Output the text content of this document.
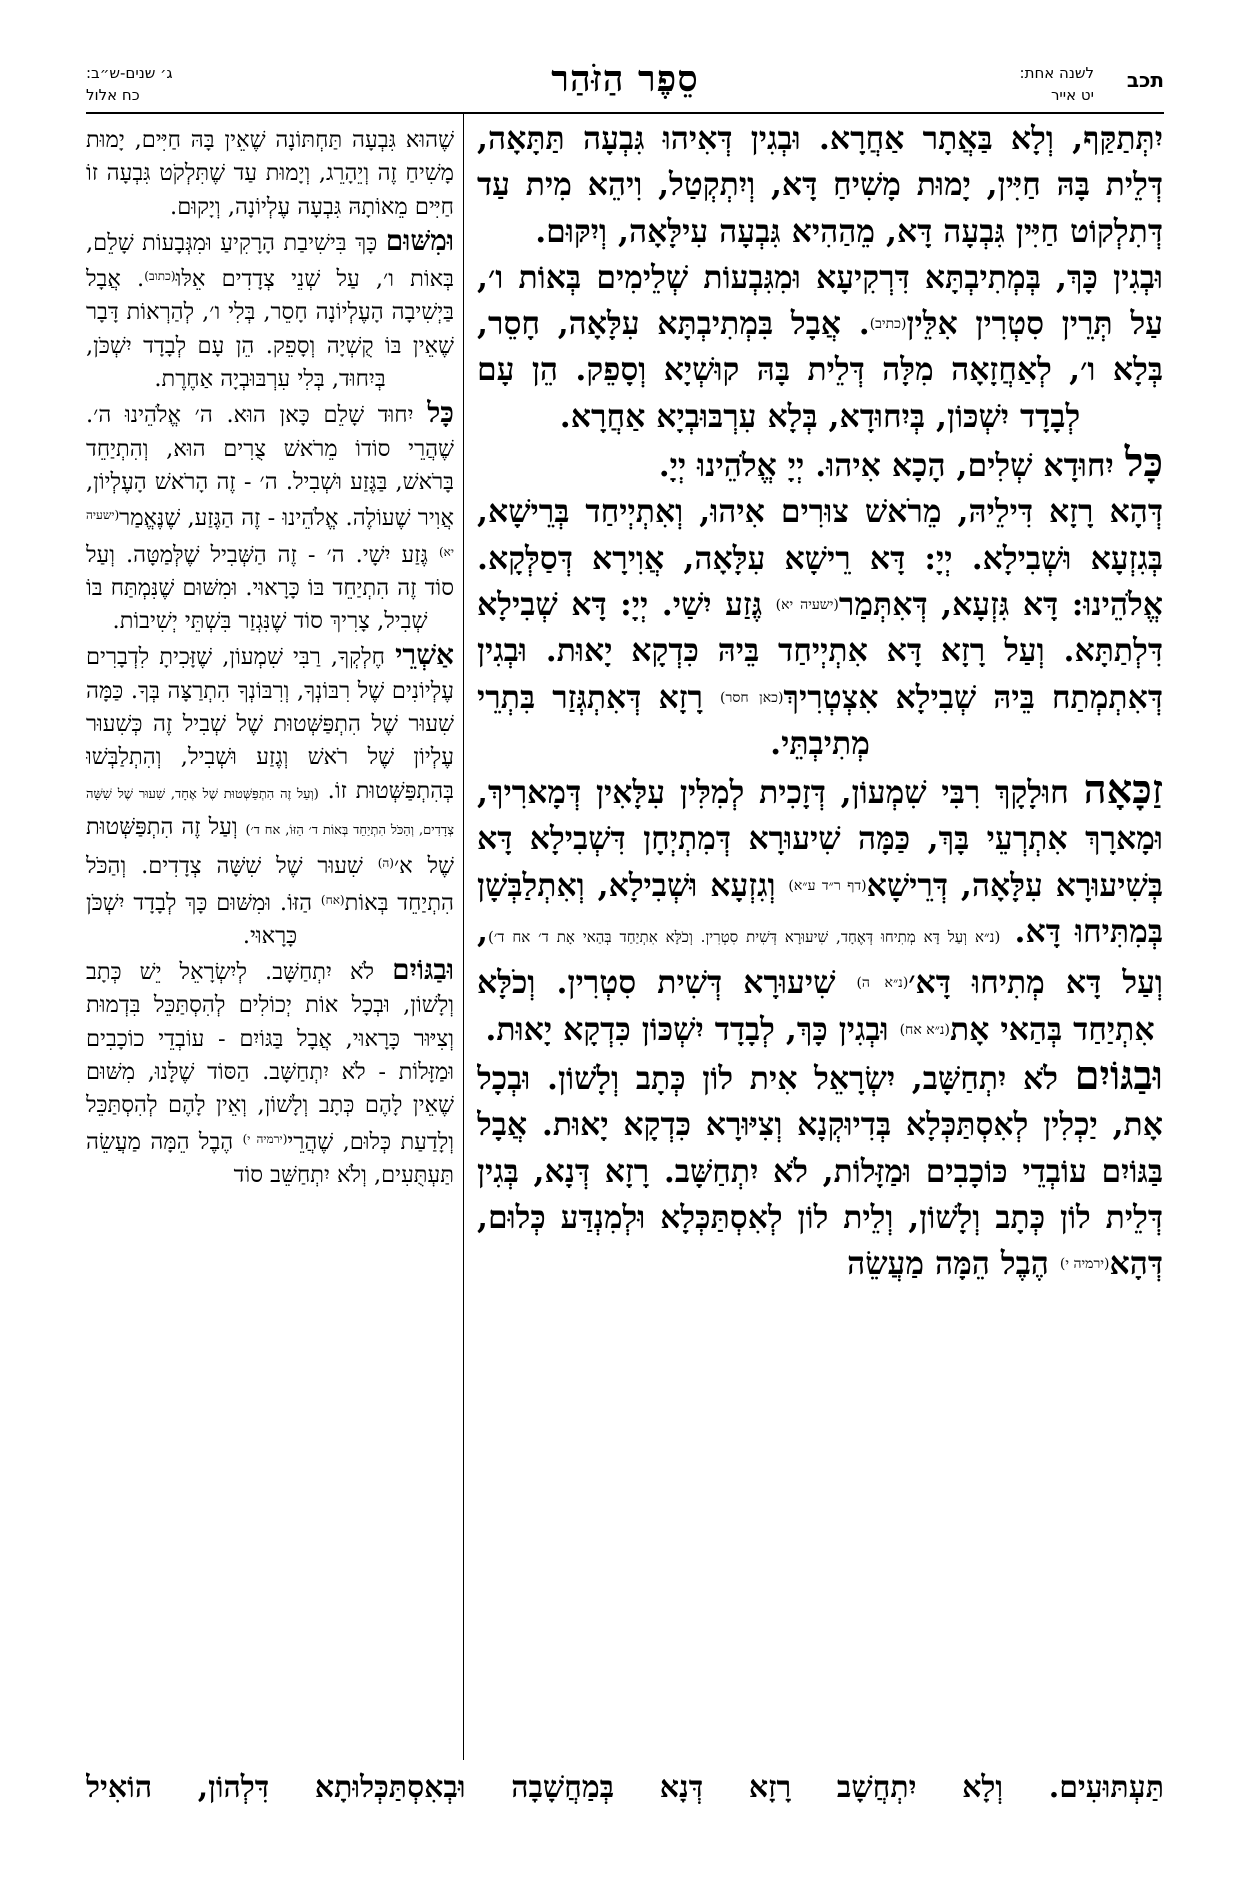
תכב
לשנה אחת:
יט אייר
סֵפֶר הַזֹּהַר
ג׳ שנים-ש״ב:
כח אלול

יִתְּתַקַּף, וְלָא בַּאֲתָר אַחֲרָא. וּבְגִין דְּאִיהוּ גִּבְעָה תַּתָּאָה, דְּלֵית בָּהּ חַיִּין, יָמוּת מָשִׁיחַ דָּא, וְיִתְקְטַל, וִיהֵא מִית עַד דְּתִלְקוֹט חַיִּין גִּבְעָה דָּא, מֵהַהִיא גִּבְעָה עִילָּאָה, וְיִקּוּם.

וּבְגִין כָּךְ, בְּמְתִיבְתָּא דִּרְקִיעָא וּמִגִּבְעוֹת שְׁלֵימִים בְּאוֹת ו׳, עַל תְּרֵין סִטְרִין אִלֵּין(כתיב). אֲבָל בִּמְתִיבְתָּא עִלָּאָה, חָסֵר, בְּלָא ו׳, לְאַחֲזָאָה מִלָּה דְּלֵית בָּהּ קוּשְׁיָא וְסָפֵק. הֵן עָם לְבָדָד יִשְׁכּוֹן, בְּיִחוּדָא, בְּלָא עִרְבּוּבְיָא אַחֲרָא.

כָּל יִחוּדָא שְׁלִים, הָכָא אִיהוּ. יְיָ אֱלֹהֵינוּ יְיָ.

דְּהָא רָזָא דִּילֵיהּ, מֵרֹאשׁ צוּרִים אִיהוּ, וְאִתְיְיחַד בְּרֵישָׁא, בְּגִזְעָא וּשְׁבִילָא. יְיָ: דָּא רֵישָׁא עִלָּאָה, אֲוִירָא דְּסַלְּקָא. אֱלֹהֵינוּ: דָּא גִּזְעָא, דְּאִתְּמַר(ישעיה יא) גֶּזַע יִשַׁי. יְיָ: דָּא שְׁבִילָא דִּלְתַתָּא. וְעַל רָזָא דָּא אִתְיְיחַד בֵּיהּ כִּדְקָא יָאוּת. וּבְגִין דְּאִתְמְתַח בֵּיהּ שְׁבִילָא אִצְטְרִיךְ(כאן חסר) רָזָא דְּאִתְגְּזַר בִּתְרֵי מְתִיבְתֵּי.

זַכָּאָה חוּלָקָךְ רִבִּי שִׁמְעוֹן, דְּזָכִית לְמִלִּין עִלָּאִין דְּמָארִיךְ, וּמָארָךְ אִתְרְעֵי בָּךְ, כַּמָּה שִׁיעוּרָא דְּמִתְיְחָן דִּשְׁבִילָא דָּא בְּשִׁיעוּרָא עִלָּאָה, דְּרֵישָׁא(דף ר״ד ע״א) וְגִזְעָא וּשְׁבִילָא, וְאִתְלַבְּשָׁן בְּמִתִּיחוּ דָּא. (נ״א וְעַל דָּא מְתִיחוּ דְּאֶחָד, שִׁיעוּרָא דְּשִׁית סִטְרִין. וְכֹלָּא אִתְיַחַד בְּהַאי אָת ד׳ אח ד׳), וְעַל דָּא מְתִיחוּ דָּא׳(נ״א ה) שִׁיעוּרָא דְּשִׁית סִטְרִין. וְכֹלָּא אִתְיַחַד בְּהַאי אָת(נ״א אח) וּבְגִין כָּךְ, לְבָדָד יִשְׁכּוֹן כִּדְקָא יָאוּת.

וּבַגּוֹיִם לֹא יִתְחַשָּׁב, יִשְׂרָאֵל אִית לוֹן כְּתָב וְלָשׁוֹן. וּבְכָל אָת, יַכְלִין לְאִסְתַּכְּלָא בְּדִיוּקְנָא וְצִיּוּרָא כִּדְקָא יָאוּת. אֲבָל בַּגּוֹיִם עוֹבְדֵי כּוֹכָבִים וּמַזָּלוֹת, לֹא יִתְחַשָּׁב. רָזָא דְּנָא, בְּגִין דְּלֵית לוֹן כְּתָב וְלָשׁוֹן, וְלֵית לוֹן לְאִסְתַּכְּלָא וּלְמִנְדַּע כְּלוּם, דְּהָא(ירמיה י) הֶבֶל הֵמָּה מַעֲשֵׂה

שֶׁהוּא גִּבְעָה תַּחְתּוֹנָה שֶׁאֵין בָּהּ חַיִּים, יָמוּת מָשִׁיחַ זֶה וְיֵהָרֵג, וְיָמוּת עַד שֶׁתִּלְקֹט גִּבְעָה זוֹ חַיִּים מֵאוֹתָהּ גִּבְעָה עֶלְיוֹנָה, וְיָקוּם.

וּמִשּׁוּם כָּךְ בִּישִׁיבַת הָרָקִיעַ וּמִגְּבָעוֹת שָׁלֵם, בְּאוֹת ו׳, עַל שְׁנֵי צְדָדִים אֵלּוּ$^{(כתוב)}$. אֲבָל בַּיְשִׁיבָה הָעֶלְיוֹנָה חָסֵר, בְּלִי ו׳, לְהַרְאוֹת דָּבָר שֶׁאֵין בּוֹ קֻשְׁיָה וְסָפֵק. הֵן עָם לְבָדָד יִשְׁכֹּן, בְּיִחוּד, בְּלִי עִרְבּוּבְיָה אַחֶרֶת.

כָּל יִחוּד שָׁלֵם כָּאן הוּא. ה׳ אֱלֹהֵינוּ ה׳. שֶׁהֲרֵי סוֹדוֹ מֵרֹאשׁ צֻרִים הוּא, וְהִתְיַחֵד בָּרֹאשׁ, בַּגֶּזַע וּשְׁבִיל. ה׳ - זֶה הָרֹאשׁ הָעֶלְיוֹן, אֲוִיר שֶׁעוֹלֶה. אֱלֹהֵינוּ - זֶה הַגֶּזַע, שֶׁנֶּאֱמַר$^{(ישעיה יא)}$ גֶּזַע יִשָׁי. ה׳ - זֶה הַשְּׁבִיל שֶׁלְּמַטָּה. וְעַל סוֹד זֶה הִתְיַחֵד בּוֹ כָּרָאוּי. וּמִשּׁוּם שֶׁנִּמְתַּח בּוֹ שְׁבִיל, צָרִיךְ סוֹד שֶׁנִּגְזַר בִּשְׁתֵּי יְשִׁיבוֹת.

אַשְׁרֵי חֶלְקְךָ, רַבִּי שִׁמְעוֹן, שֶׁזָּכִיתָ לִדְבָרִים עֶלְיוֹנִים שֶׁל רִבּוֹנְךָ, וְרִבּוֹנְךָ הִתְרַצָּה בְּךָ. כַּמָּה שִׁעוּר שֶׁל הִתְפַּשְּׁטוּת שֶׁל שְׁבִיל זֶה כְּשִׁעוּר עֶלְיוֹן שֶׁל רֹאשׁ וְגֶזַע וּשְׁבִיל, וְהִתְלַבְּשׁוּ בְּהִתְפַּשְּׁטוּת זוֹ. (וְעַל זֶה הִתְפַּשְּׁטוּת שֶׁל אֶחָד, שִׁעוּר שֶׁל שִׁשָּׁה צְדָדִים, וְהַכֹּל הִתְיַחֵד בְּאוֹת ד׳ הַזּוֹ, אח ד׳) וְעַל זֶה הִתְפַּשְּׁטוּת שֶׁל א׳$^{(ה)}$ שִׁעוּר שֶׁל שִׁשָּׁה צְדָדִים. וְהַכֹּל הִתְיַחֵד בְּאוֹת$^{(אח)}$ הַזּוֹ. וּמִשּׁוּם כָּךְ לְבָדָד יִשְׁכֹּן כָּרָאוּי.

וּבַגּוֹיִם לֹא יִתְחַשָּׁב. לְיִשְׂרָאֵל יֵשׁ כְּתָב וְלָשׁוֹן, וּבְכָל אוֹת יְכוֹלִים לְהִסְתַּכֵּל בִּדְמוּת וְצִיּוּר כָּרָאוּי, אֲבָל בַּגּוֹיִם - עוֹבְדֵי כוֹכָבִים וּמַזָּלוֹת - לֹא יִתְחַשָּׁב. הַסּוֹד שֶׁלָּנוּ, מִשּׁוּם שֶׁאֵין לָהֶם כְּתָב וְלָשׁוֹן, וְאֵין לָהֶם לְהִסְתַּכֵּל וְלָדַעַת כְּלוּם, שֶׁהֲרֵי$^{(ירמיה י)}$ הֶבֶל הֵמָּה מַעֲשֵׂה תַּעְתֻּעִים, וְלֹא יִתְחַשֵּׁב סוֹד

תַּעְתּוּעִים. וְלָא יִתְחֲשָׁב רָזָא דְּנָא בְּמַחֲשָׁבָה וּבְאִסְתַּכְּלוּתָא דִּלְהוֹן, הוֹאִיל
